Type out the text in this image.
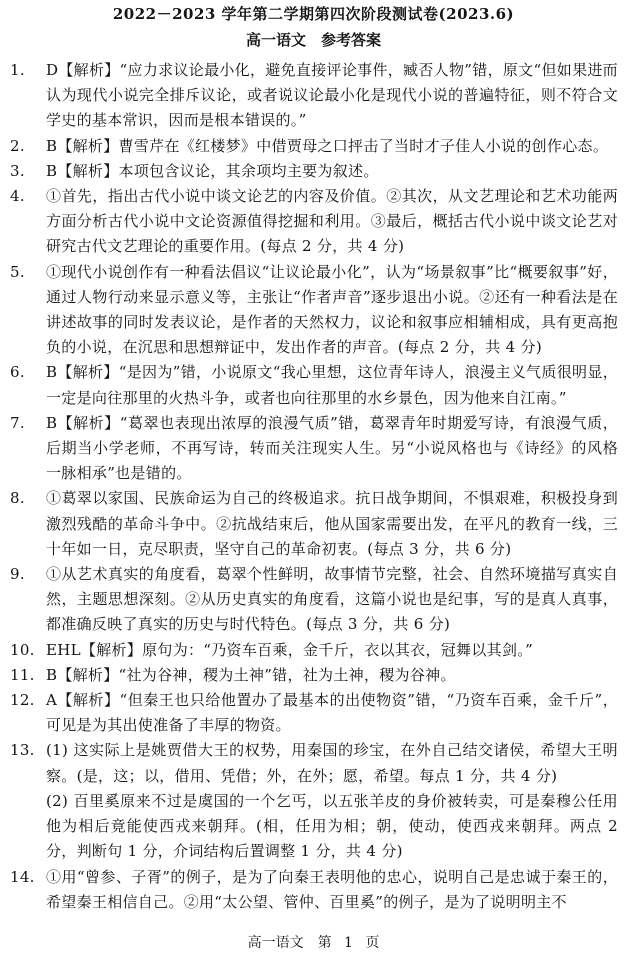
2022－2023 学年第二学期第四次阶段测试卷(2023.6)
高一语文　参考答案
1.	D【解析】“应力求议论最小化，避免直接评论事件，臧否人物”错，原文“但如果进而认为现代小说完全排斥议论，或者说议论最小化是现代小说的普遍特征，则不符合文学史的基本常识，因而是根本错误的。”
2.	B【解析】曹雪芹在《红楼梦》中借贾母之口抨击了当时才子佳人小说的创作心态。
3.	B【解析】本项包含议论，其余项均主要为叙述。
4.	①首先，指出古代小说中谈文论艺的内容及价值。②其次，从文艺理论和艺术功能两方面分析古代小说中文论资源值得挖掘和利用。③最后，概括古代小说中谈文论艺对研究古代文艺理论的重要作用。(每点 2 分，共 4 分)
5.	①现代小说创作有一种看法倡议“让议论最小化”，认为“场景叙事”比“概要叙事”好，通过人物行动来显示意义等，主张让“作者声音”逐步退出小说。②还有一种看法是在讲述故事的同时发表议论，是作者的天然权力，议论和叙事应相辅相成，具有更高抱负的小说，在沉思和思想辩证中，发出作者的声音。(每点 2 分，共 4 分)
6.	B【解析】“是因为”错，小说原文“我心里想，这位青年诗人，浪漫主义气质很明显，一定是向往那里的火热斗争，或者也向往那里的水乡景色，因为他来自江南。”
7.	B【解析】“葛翠也表现出浓厚的浪漫气质”错，葛翠青年时期爱写诗，有浪漫气质，后期当小学老师，不再写诗，转而关注现实人生。另“小说风格也与《诗经》的风格一脉相承”也是错的。
8.	①葛翠以家国、民族命运为自己的终极追求。抗日战争期间，不惧艰难，积极投身到激烈残酷的革命斗争中。②抗战结束后，他从国家需要出发，在平凡的教育一线，三十年如一日，克尽职责，坚守自己的革命初衷。(每点 3 分，共 6 分)
9.	①从艺术真实的角度看，葛翠个性鲜明，故事情节完整，社会、自然环境描写真实自然，主题思想深刻。②从历史真实的角度看，这篇小说也是纪事，写的是真人真事，都准确反映了真实的历史与时代特色。(每点 3 分，共 6 分)
10. EHL【解析】原句为：“乃资车百乘，金千斤，衣以其衣，冠舞以其剑。”
11. B【解析】“社为谷神，稷为土神”错，社为土神，稷为谷神。
12. A【解析】“但秦王也只给他置办了最基本的出使物资”错，“乃资车百乘，金千斤”，可见是为其出使准备了丰厚的物资。
13. (1) 这实际上是姚贾借大王的权势，用秦国的珍宝，在外自己结交诸侯，希望大王明察。(是，这；以，借用、凭借；外，在外；愿，希望。每点 1 分，共 4 分)
(2) 百里奚原来不过是虞国的一个乞丐，以五张羊皮的身价被转卖，可是秦穆公任用他为相后竟能使西戎来朝拜。(相，任用为相；朝，使动，使西戎来朝拜。两点 2 分，判断句 1 分，介词结构后置调整 1 分，共 4 分)
14. ①用“曾参、子胥”的例子，是为了向秦王表明他的忠心，说明自己是忠诚于秦王的，希望秦王相信自己。②用“太公望、管仲、百里奚”的例子，是为了说明明主不
高一语文　第 1 页
